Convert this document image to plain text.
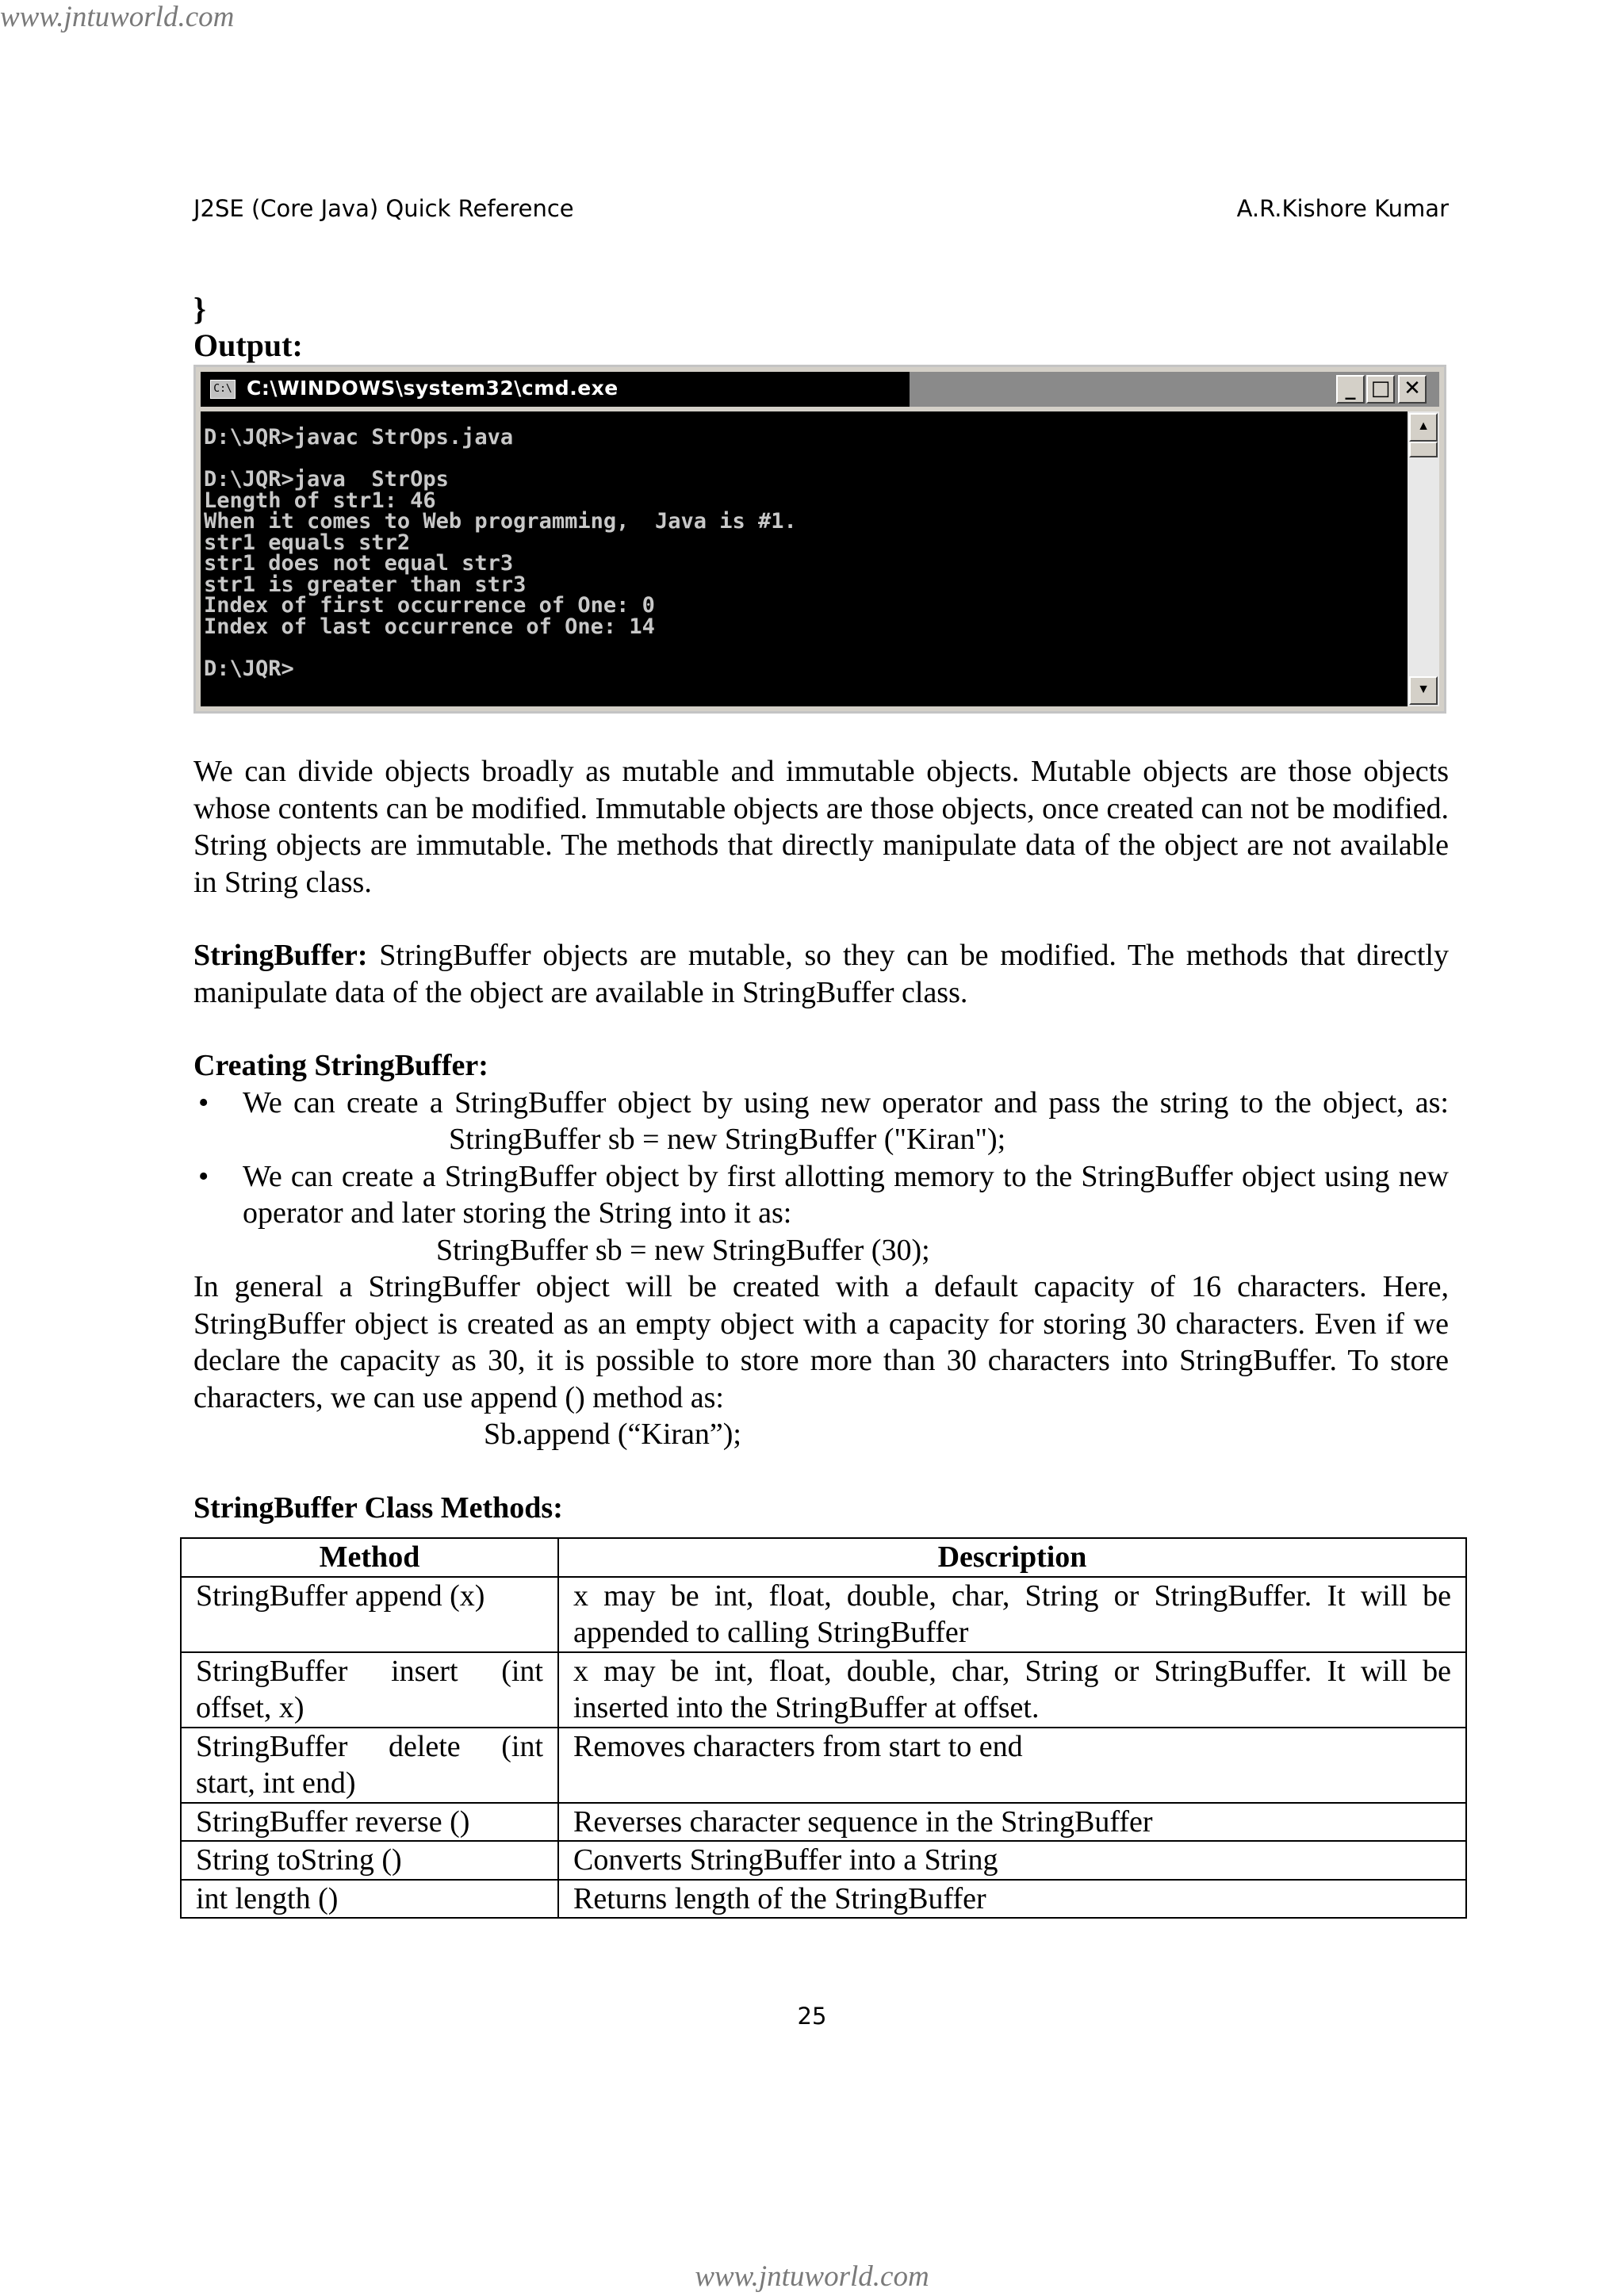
www.jntuworld.com
J2SE (Core Java) Quick Reference	A.R.Kishore Kumar
}
Output:
C:\ C:\WINDOWS\system32\cmd.exe	_ □ ✕
D:\JQR>javac StrOps.java

D:\JQR>java  StrOps
Length of str1: 46
When it comes to Web programming,  Java is #1.
str1 equals str2
str1 does not equal str3
str1 is greater than str3
Index of first occurrence of One: 0
Index of last occurrence of One: 14

D:\JQR>
▲
▼

We can divide objects broadly as mutable and immutable objects. Mutable objects are those objects whose contents can be modified. Immutable objects are those objects, once created can not be modified. String objects are immutable. The methods that directly manipulate data of the object are not available in String class.

StringBuffer: StringBuffer objects are mutable, so they can be modified. The methods that directly manipulate data of the object are available in StringBuffer class.

Creating StringBuffer:

• We can create a StringBuffer object by using new operator and pass the string to the object, as:StringBuffer sb = new StringBuffer ("Kiran");
• We can create a StringBuffer object by first allotting memory to the StringBuffer object using new operator and later storing the String into it as:
StringBuffer sb = new StringBuffer (30);

In general a StringBuffer object will be created with a default capacity of 16 characters. Here, StringBuffer object is created as an empty object with a capacity for storing 30 characters. Even if we declare the capacity as 30, it is possible to store more than 30 characters into StringBuffer. To store characters, we can use append () method as:

Sb.append (“Kiran”);

StringBuffer Class Methods:

Method	Description
StringBuffer append (x)	x may be int, float, double, char, String or StringBuffer. It will be appended to calling StringBuffer
StringBuffer insert (int offset, x)	x may be int, float, double, char, String or StringBuffer. It will be inserted into the StringBuffer at offset.
StringBuffer delete (int start, int end)	Removes characters from start to end
StringBuffer reverse ()	Reverses character sequence in the StringBuffer
String toString ()	Converts StringBuffer into a String
int length ()	Returns length of the StringBuffer
25
www.jntuworld.com
